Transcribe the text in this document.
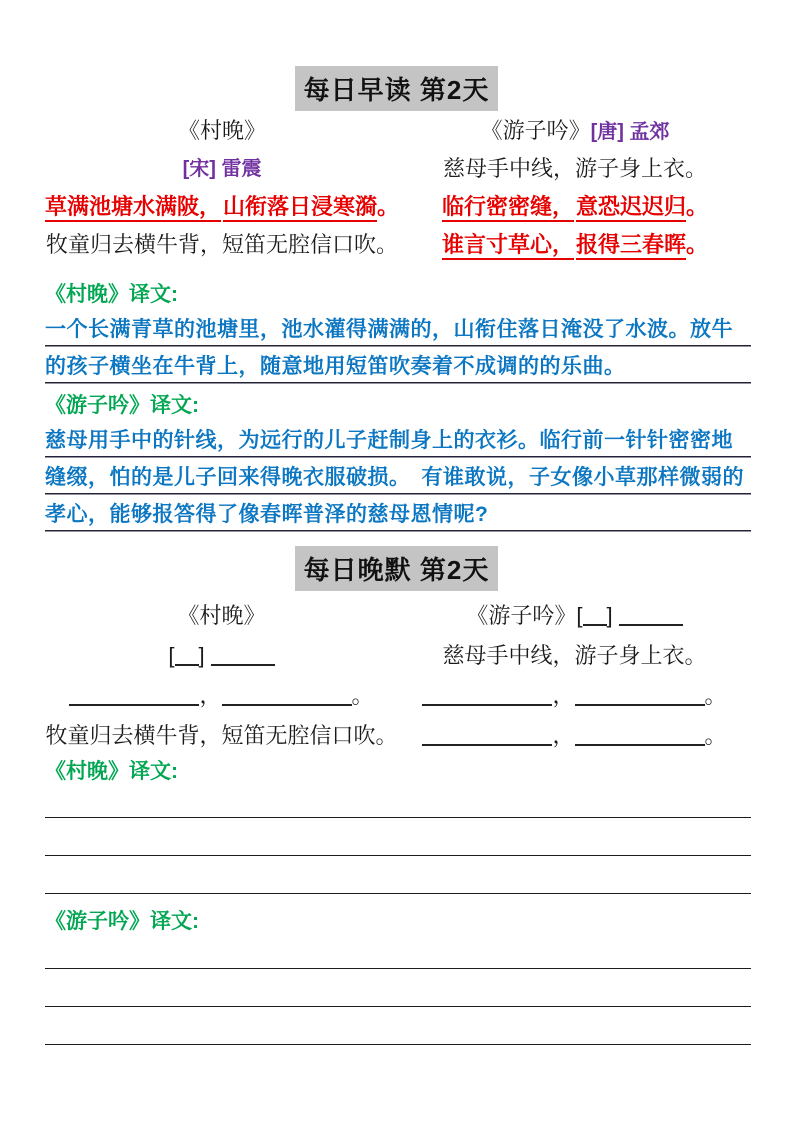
每日早读 第2天
《村晚》
[宋] 雷震
草满池塘水满陂，山衔落日浸寒漪。
牧童归去横牛背，短笛无腔信口吹。
《游子吟》[唐] 孟郊
慈母手中线，游子身上衣。
临行密密缝，意恐迟迟归。
谁言寸草心，报得三春晖。
《村晚》译文:
一个长满青草的池塘里，池水灌得满满的，山衔住落日淹没了水波。放牛的孩子横坐在牛背上，随意地用短笛吹奏着不成调的的乐曲。
《游子吟》译文:
慈母用手中的针线，为远行的儿子赶制身上的衣衫。临行前一针针密密地缝缀，怕的是儿子回来得晚衣服破损。　有谁敢说，子女像小草那样微弱的孝心，能够报答得了像春晖普泽的慈母恩情呢?
每日晚默 第2天
《村晚》
[ ]
，	。
牧童归去横牛背，短笛无腔信口吹。
《游子吟》[ ]
慈母手中线，游子身上衣。
，	。
，	。
《村晚》译文:
《游子吟》译文:
